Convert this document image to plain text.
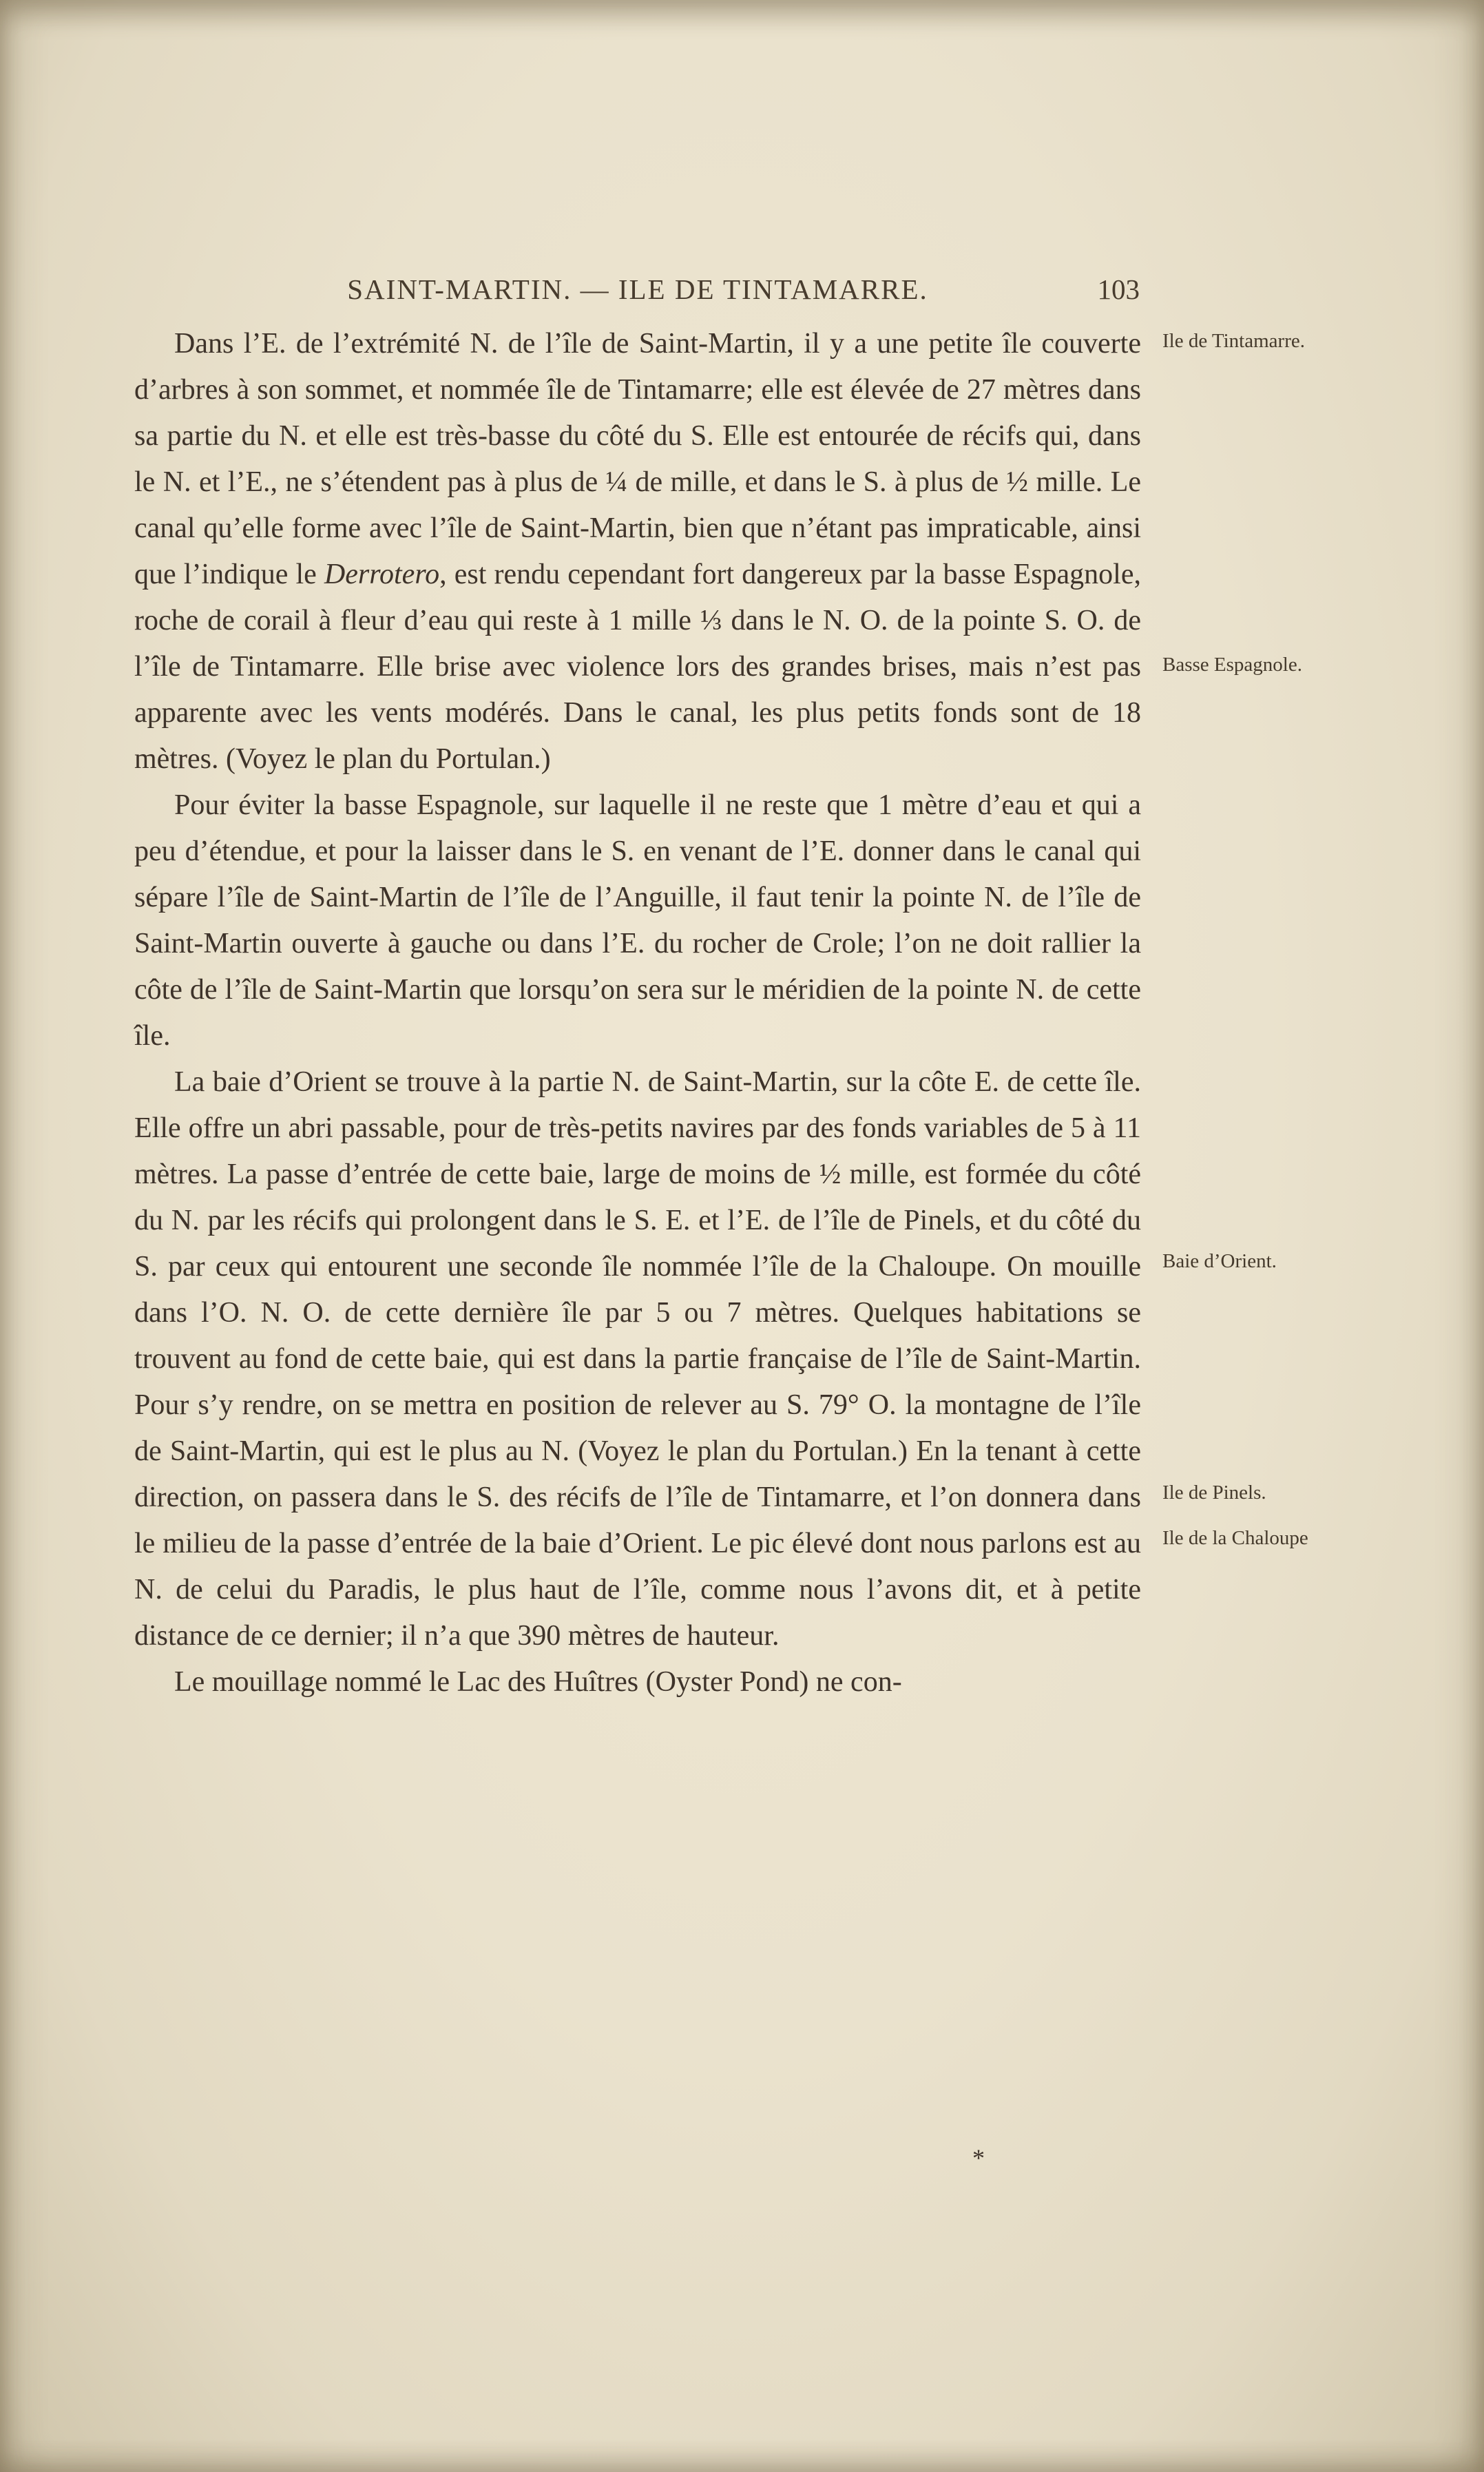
SAINT-MARTIN. — ILE DE TINTAMARRE.	103

Dans l’E. de l’extrémité N. de l’île de Saint-Martin, il y a une petite île couverte d’arbres à son sommet, et nommée île de Tintamarre; elle est élevée de 27 mètres dans sa partie du N. et elle est très-basse du côté du S. Elle est entourée de récifs qui, dans le N. et l’E., ne s’étendent pas à plus de ¼ de mille, et dans le S. à plus de ½ mille. Le canal qu’elle forme avec l’île de Saint-Martin, bien que n’étant pas impraticable, ainsi que l’indique le Derrotero, est rendu cependant fort dangereux par la basse Espagnole, roche de corail à fleur d’eau qui reste à 1 mille ⅓ dans le N. O. de la pointe S. O. de l’île de Tintamarre. Elle brise avec violence lors des grandes brises, mais n’est pas apparente avec les vents modérés. Dans le canal, les plus petits fonds sont de 18 mètres. (Voyez le plan du Portulan.)

Pour éviter la basse Espagnole, sur laquelle il ne reste que 1 mètre d’eau et qui a peu d’étendue, et pour la laisser dans le S. en venant de l’E. donner dans le canal qui sépare l’île de Saint-Martin de l’île de l’Anguille, il faut tenir la pointe N. de l’île de Saint-Martin ouverte à gauche ou dans l’E. du rocher de Crole; l’on ne doit rallier la côte de l’île de Saint-Martin que lorsqu’on sera sur le méridien de la pointe N. de cette île.

La baie d’Orient se trouve à la partie N. de Saint-Martin, sur la côte E. de cette île. Elle offre un abri passable, pour de très-petits navires par des fonds variables de 5 à 11 mètres. La passe d’entrée de cette baie, large de moins de ½ mille, est formée du côté du N. par les récifs qui prolongent dans le S. E. et l’E. de l’île de Pinels, et du côté du S. par ceux qui entourent une seconde île nommée l’île de la Chaloupe. On mouille dans l’O. N. O. de cette dernière île par 5 ou 7 mètres. Quelques habitations se trouvent au fond de cette baie, qui est dans la partie française de l’île de Saint-Martin. Pour s’y rendre, on se mettra en position de relever au S. 79° O. la montagne de l’île de Saint-Martin, qui est le plus au N. (Voyez le plan du Portulan.) En la tenant à cette direction, on passera dans le S. des récifs de l’île de Tintamarre, et l’on donnera dans le milieu de la passe d’entrée de la baie d’Orient. Le pic élevé dont nous parlons est au N. de celui du Paradis, le plus haut de l’île, comme nous l’avons dit, et à petite distance de ce dernier; il n’a que 390 mètres de hauteur.

Le mouillage nommé le Lac des Huîtres (Oyster Pond) ne con-

Ile de Tintamarre.
Basse Espagnole.
Baie d’Orient.
Ile de Pinels.
Ile de la Chaloupe
*
